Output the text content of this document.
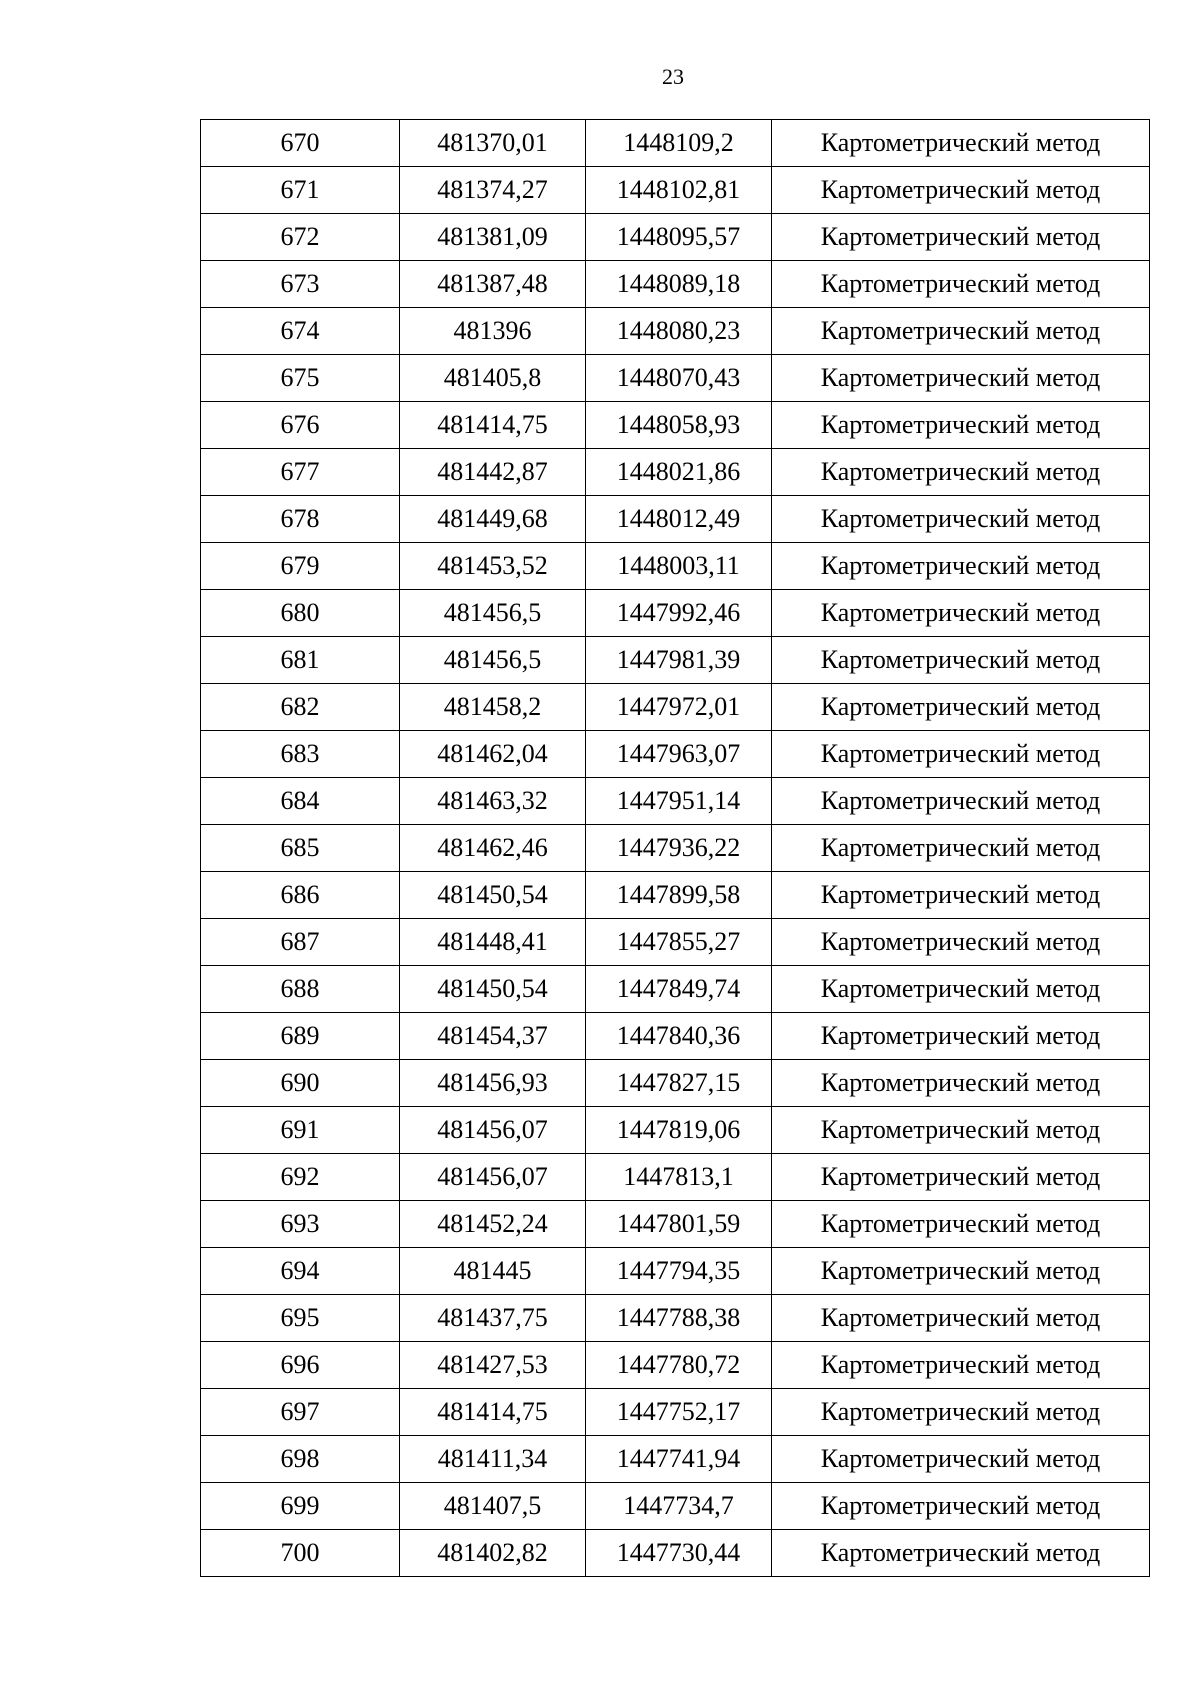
23
670	481370,01	1448109,2	Картометрический метод
671	481374,27	1448102,81	Картометрический метод
672	481381,09	1448095,57	Картометрический метод
673	481387,48	1448089,18	Картометрический метод
674	481396	1448080,23	Картометрический метод
675	481405,8	1448070,43	Картометрический метод
676	481414,75	1448058,93	Картометрический метод
677	481442,87	1448021,86	Картометрический метод
678	481449,68	1448012,49	Картометрический метод
679	481453,52	1448003,11	Картометрический метод
680	481456,5	1447992,46	Картометрический метод
681	481456,5	1447981,39	Картометрический метод
682	481458,2	1447972,01	Картометрический метод
683	481462,04	1447963,07	Картометрический метод
684	481463,32	1447951,14	Картометрический метод
685	481462,46	1447936,22	Картометрический метод
686	481450,54	1447899,58	Картометрический метод
687	481448,41	1447855,27	Картометрический метод
688	481450,54	1447849,74	Картометрический метод
689	481454,37	1447840,36	Картометрический метод
690	481456,93	1447827,15	Картометрический метод
691	481456,07	1447819,06	Картометрический метод
692	481456,07	1447813,1	Картометрический метод
693	481452,24	1447801,59	Картометрический метод
694	481445	1447794,35	Картометрический метод
695	481437,75	1447788,38	Картометрический метод
696	481427,53	1447780,72	Картометрический метод
697	481414,75	1447752,17	Картометрический метод
698	481411,34	1447741,94	Картометрический метод
699	481407,5	1447734,7	Картометрический метод
700	481402,82	1447730,44	Картометрический метод
